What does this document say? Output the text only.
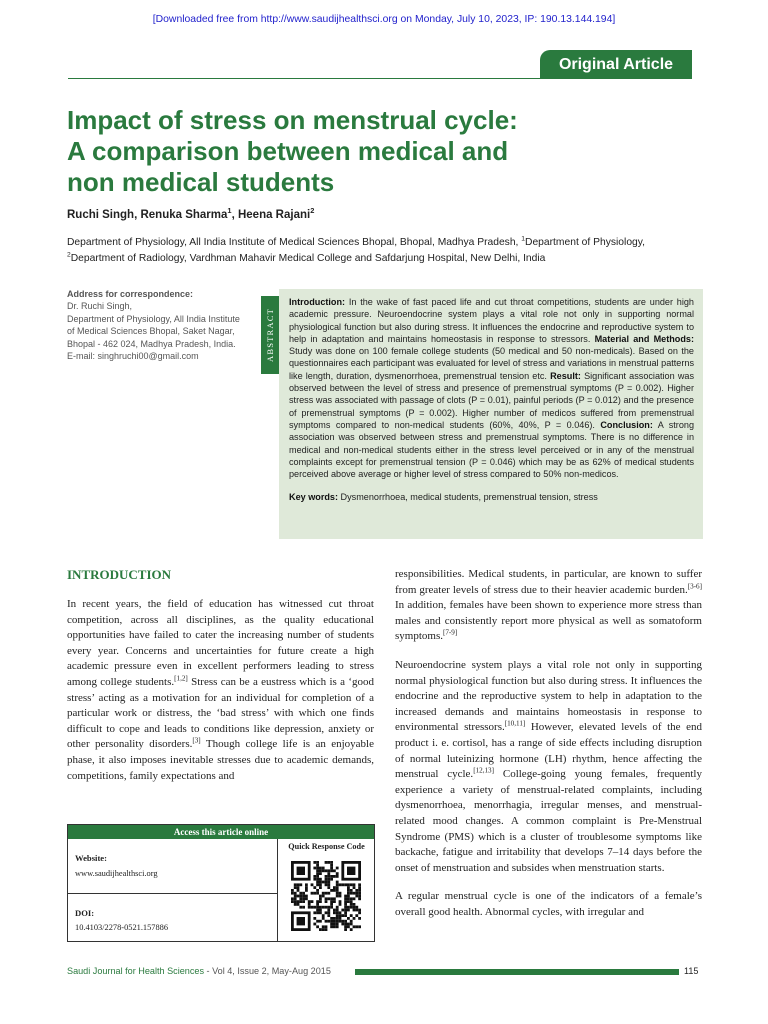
[Downloaded free from http://www.saudijhealthsci.org on Monday, July 10, 2023, IP: 190.13.144.194]
Original Article
Impact of stress on menstrual cycle:
A comparison between medical and
non medical students
Ruchi Singh, Renuka Sharma$^1$, Heena Rajani$^2$
Department of Physiology, All India Institute of Medical Sciences Bhopal, Bhopal, Madhya Pradesh, $^1$Department of Physiology,
$^2$Department of Radiology, Vardhman Mahavir Medical College and Safdarjung Hospital, New Delhi, India
Address for correspondence:
Dr. Ruchi Singh,
Department of Physiology, All India Institute
of Medical Sciences Bhopal, Saket Nagar,
Bhopal - 462 024, Madhya Pradesh, India.
E-mail: singhruchi00@gmail.com	ABSTRACT
Introduction: In the wake of fast paced life and cut throat competitions, students are under high academic pressure. Neuroendocrine system plays a vital role not only in supporting normal physiological function but also during stress. It influences the endocrine and reproductive system to help in adaptation and maintains homeostasis in response to stressors. Material and Methods: Study was done on 100 female college students (50 medical and 50 non-medicals). Based on the questionnaires each participant was evaluated for level of stress and variations in menstrual patterns like length, duration, dysmenorrhoea, premenstrual tension etc. Result: Significant association was observed between the level of stress and presence of premenstrual symptoms (P = 0.002). Higher stress was associated with passage of clots (P = 0.01), painful periods (P = 0.012) and the presence of premenstrual symptoms (P = 0.002). Higher number of medicos suffered from premenstrual symptoms compared to non-medical students (60%, 40%, P = 0.046). Conclusion: A strong association was observed between stress and premenstrual symptoms. There is no difference in medical and non-medical students either in the stress level perceived or in any of the menstrual complaints except for premenstrual tension (P = 0.046) which may be as 62% of medical students perceived above average or higher level of stress compared to 50% non-medicos.
Key words: Dysmenorrhoea, medical students, premenstrual tension, stress
INTRODUCTION

In recent years, the field of education has witnessed cut throat competition, across all disciplines, as the quality educational opportunities have failed to cater the increasing number of students every year. Concerns and uncertainties for future create a high academic pressure even in excellent performers leading to stress among college students.[1,2] Stress can be a eustress which is a ‘good stress’ acting as a motivation for an individual for completion of a particular work or distress, the ‘bad stress’ with which one finds difficult to cope and leads to conditions like depression, anxiety or other personality disorders.[3] Though college life is an enjoyable phase, it also imposes inevitable stresses due to academic demands, competitions, family expectations and

Access this article online
Website:
www.saudijhealthsci.org
DOI:
10.4103/2278-0521.157886
Quick Response Code

responsibilities. Medical students, in particular, are known to suffer from greater levels of stress due to their heavier academic burden.[3-6] In addition, females have been shown to experience more stress than males and consistently report more physical as well as somatoform symptoms.[7-9]

Neuroendocrine system plays a vital role not only in supporting normal physiological function but also during stress. It influences the endocrine and the reproductive system to help in adaptation to the increased demands and maintains homeostasis in response to environmental stressors.[10,11] However, elevated levels of the end product i. e. cortisol, has a range of side effects including disruption of normal luteinizing hormone (LH) rhythm, hence affecting the menstrual cycle.[12,13] College-going young females, frequently experience a variety of menstrual-related complaints, including dysmenorrhoea, menorrhagia, irregular menses, and menstrual-related mood changes. A common complaint is Pre-Menstrual Syndrome (PMS) which is a cluster of troublesome symptoms like backache, fatigue and irritability that develops 7–14 days before the onset of menstruation and subsides when menstruation starts.

A regular menstrual cycle is one of the indicators of a female’s overall good health. Abnormal cycles, with irregular and

Saudi Journal for Health Sciences - Vol 4, Issue 2, May-Aug 2015	115
